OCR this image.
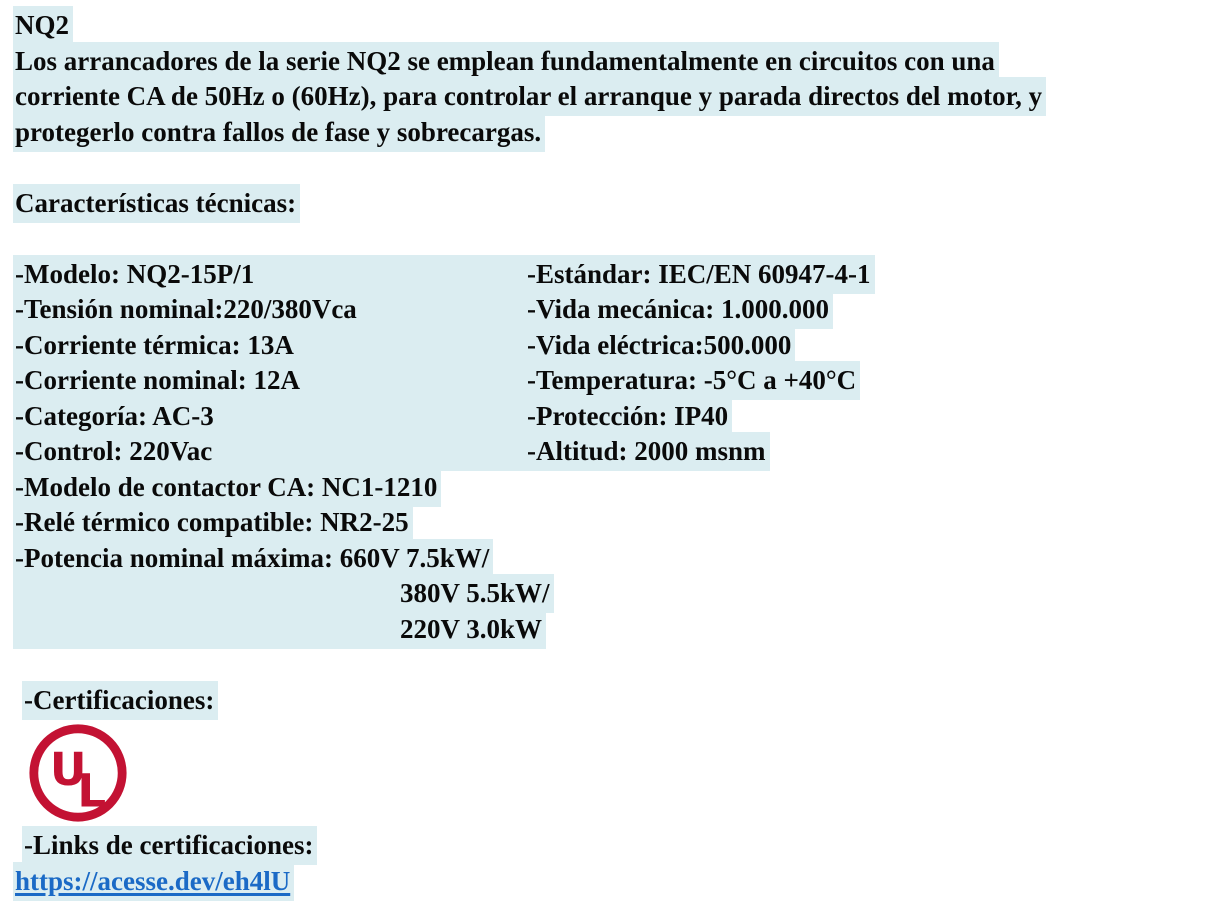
NQ2
Los arrancadores de la serie NQ2 se emplean fundamentalmente en circuitos con una
corriente CA de 50Hz o (60Hz), para controlar el arranque y parada directos del motor, y
protegerlo contra fallos de fase y sobrecargas.
Características técnicas:
-Modelo: NQ2-15P/1	-Estándar: IEC/EN 60947-4-1
-Tensión nominal:220/380Vca	-Vida mecánica: 1.000.000
-Corriente térmica: 13A	-Vida eléctrica:500.000
-Corriente nominal: 12A	-Temperatura: -5°C a +40°C
-Categoría: AC-3	-Protección: IP40
-Control: 220Vac	-Altitud: 2000 msnm
-Modelo de contactor CA: NC1-1210
-Relé térmico compatible: NR2-25
-Potencia nominal máxima: 660V 7.5kW/
380V 5.5kW/
220V 3.0kW
-Certificaciones:
U
L
-Links de certificaciones:
https://acesse.dev/eh4lU
